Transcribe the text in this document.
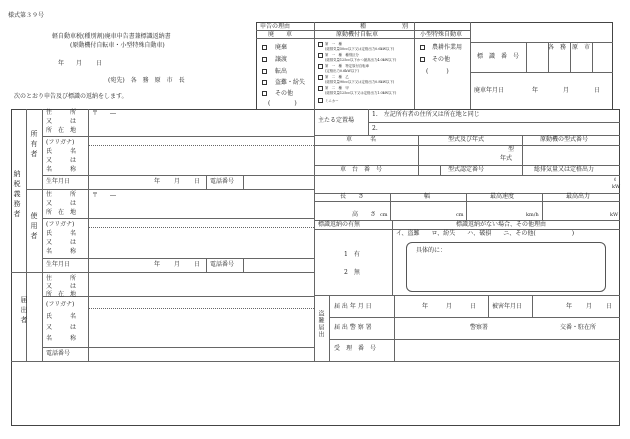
様式第３９号
軽自動車税(種別割)廃車申告書兼標識返納書
(原動機付自転車・小型特殊自動車)
年 月 日
(宛先)　各　務　原　市　長
次のとおり申告及び標識の返納をします。
申告の理由	種　　　　　　別
廃　　車	原動機付自転車	小型特殊自動車
廃棄
譲渡
転出
盗難・紛失
その他
(　　　　)
第　一　種
(総排気量50cc以下又は定格出力0.6kW以下)
第　一　種　種別区分
(総排気量125cc以下かつ最高出力4.0kW以下)
第　一　種　特定原付自転車
(定格出力0.6kW以下)
第　二　種　乙
(総排気量90cc以下又は定格出力0.8kW以下)
第　二　種　甲
(総排気量125cc以下又は定格出力1.0kW以下)
ミニカー
農耕作業用
その他
(　　　)
標　識　番　号
各　務　原　市
廃車年月日	年	月	日
納税義務者
所有者
使用者
届出者
住　　　所
又　　　は
所　在　地
〒　　―
(フリガナ)
氏　　　名
又　　　は
名　　　称
生年月日	年 月 日 電話番号
住　　　所
又　　　は
所　在　地
〒　　―
(フリガナ)
氏　　　名
又　　　は
名　　　称
生年月日	年 月 日 電話番号
住　　　所
又　　　は
所　在　地
(フリガナ)
氏　　　名
又　　　は
名　　　称
電話番号
主たる定置場
1.　左記所有者の住所又は所在地と同じ
2.
車　　　名	型式及び年式	原動機の型式番号
型
年式
車　台　番　号	型式認定番号	総排気量又は定格出力
ℓ
kW
長　　さ	幅	最高速度	最高出力
cm	cm	km/h	kW
高　　さ
標識返納の有無	標識返納がない場合、その他理由
イ、盗難　　ロ、紛失　　ハ、破損　　ニ、その他(　　　　　　)
1　有
2　無
具体的に：
盗難届出
届 出 年 月 日	年	月	日	被害年月日	年 月 日
届 出 警 察 署	警察署	交番・駐在所
受　理　番　号
